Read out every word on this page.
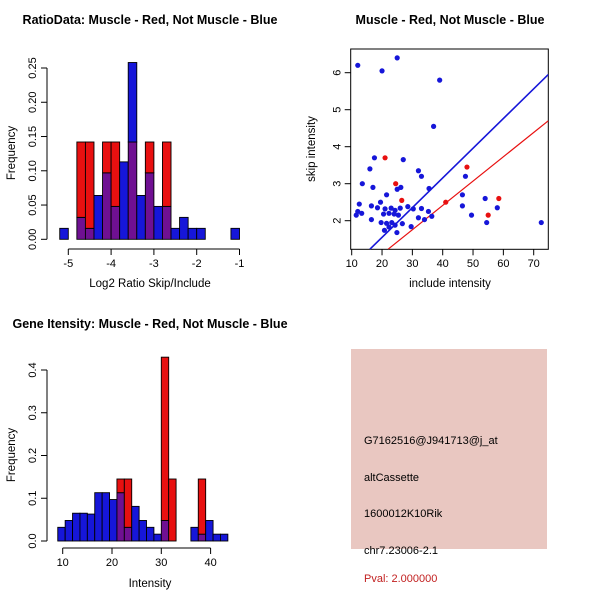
RatioData: Muscle - Red, Not Muscle - Blue
Frequency
0.00
0.05
0.10
0.15
0.20
0.25
-5	-4	-3	-2	-1
Log2 Ratio Skip/Include
Muscle - Red, Not Muscle - Blue
skip intensity
10 20 30 40 50 60 70
2
3
4
5
6
include intensity
Gene Itensity: Muscle - Red, Not Muscle - Blue
Frequency
0.0
0.1
0.2
0.3
0.4
10	20	30	40
Intensity
G7162516@J941713@j_at
altCassette
1600012K10Rik
chr7.23006-2.1
Pval: 2.000000
